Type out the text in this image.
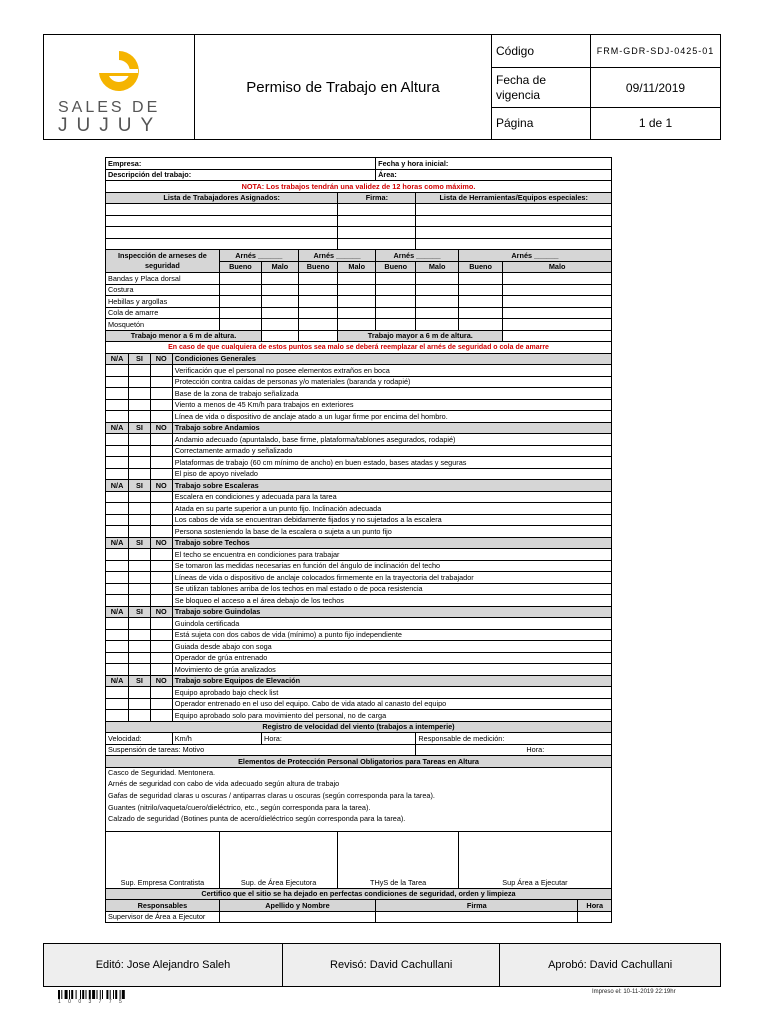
SALES DE
JUJUY	Permiso de Trabajo en Altura	Código	FRM-GDR-SDJ-0425-01
		Fecha de vigencia	09/11/2019
		Página	1 de 1
Empresa:								Fecha y hora inicial:				
Descripción del trabajo:								Área:				
NOTA: Los trabajos tendrán una validez de 12 horas como máximo.												
Lista de Trabajadores Asignados:							Firma:		Lista de Herramientas/Equipos especiales:			

Inspección de arneses de seguridad				Arnés ______		Arnés ______		Arnés ______		Arnés ______		
				Bueno	Malo	Bueno	Malo	Bueno	Malo	Bueno	Malo	
Bandas y Placa dorsal												
Costura												
Hebillas y argollas												
Cola de amarre												
Mosquetón												
Trabajo menor a 6 m de altura.							Trabajo mayor a 6 m de altura.					
En caso de que cualquiera de estos puntos sea malo se deberá reemplazar el arnés de seguridad o cola de amarre												
N/A	SI	NO	Condiciones Generales									
			Verificación que el personal no posee elementos extraños en boca									
			Protección contra caídas de personas y/o materiales (baranda y rodapié)									
			Base de la zona de trabajo señalizada									
			Viento a menos de 45 Km/h para trabajos en exteriores									
			Línea de vida o dispositivo de anclaje atado a un lugar firme por encima del hombro.									
N/A	SI	NO	Trabajo sobre Andamios									
			Andamio adecuado (apuntalado, base firme, plataforma/tablones asegurados, rodapié)									
			Correctamente armado y señalizado									
			Plataformas de trabajo (60 cm mínimo de ancho) en buen estado, bases atadas y seguras									
			El piso de apoyo nivelado									
N/A	SI	NO	Trabajo sobre Escaleras									
			Escalera en condiciones y adecuada para la tarea									
			Atada en su parte superior a un punto fijo. Inclinación adecuada									
			Los cabos de vida se encuentran debidamente fijados y no sujetados a la escalera									
			Persona sosteniendo la base de la escalera o sujeta a un punto fijo									
N/A	SI	NO	Trabajo sobre Techos									
			El techo se encuentra en condiciones para trabajar									
			Se tomaron las medidas necesarias en función del ángulo de inclinación del techo									
			Líneas de vida o dispositivo de anclaje colocados firmemente en la trayectoria del trabajador									
			Se utilizan tablones arriba de los techos en mal estado o de poca resistencia									
			Se bloqueo el acceso a el área debajo de los techos									
N/A	SI	NO	Trabajo sobre Guindolas									
			Guindola certificada									
			Está sujeta con dos cabos de vida (mínimo) a punto fijo independiente									
			Guiada desde abajo con soga									
			Operador de grúa entrenado									
			Movimiento de grúa analizados									
N/A	SI	NO	Trabajo sobre Equipos de Elevación									
			Equipo aprobado bajo check list									
			Operador entrenado en el uso del equipo. Cabo de vida atado al canasto del equipo									
			Equipo aprobado solo para movimiento del personal, no de carga									
Registro de velocidad del viento (trabajos a intemperie)												
Velocidad:			Km/h		Hora:				Responsable de medición:			
Suspensión de tareas: Motivo									Hora:			
Elementos de Protección Personal Obligatorios para Tareas en Altura												

Casco de Seguridad. Mentonera.
Arnés de seguridad con cabo de vida adecuado según altura de trabajo
Gafas de seguridad claras u oscuras / antiparras claras u oscuras (según corresponda para la tarea).
Guantes (nitrilo/vaqueta/cuero/dieléctrico, etc., según corresponda para la tarea).
Calzado de seguridad (Botines punta de acero/dieléctrico según corresponda para la tarea).												

Sup. Empresa Contratista				Sup. de Área Ejecutora			THyS de la Tarea			Sup Área a Ejecutar		
Certifico que el sitio se ha dejado en perfectas condiciones de seguridad, orden y limpieza												
Responsables				Apellido y Nombre				Firma				Hora
Supervisor de Área a Ejecutor												
Editó: Jose Alejandro Saleh	Revisó: David Cachullani	Aprobó: David Cachullani
1 0 0 3 7 7 5
Impreso el: 10-11-2019 22:19hr
